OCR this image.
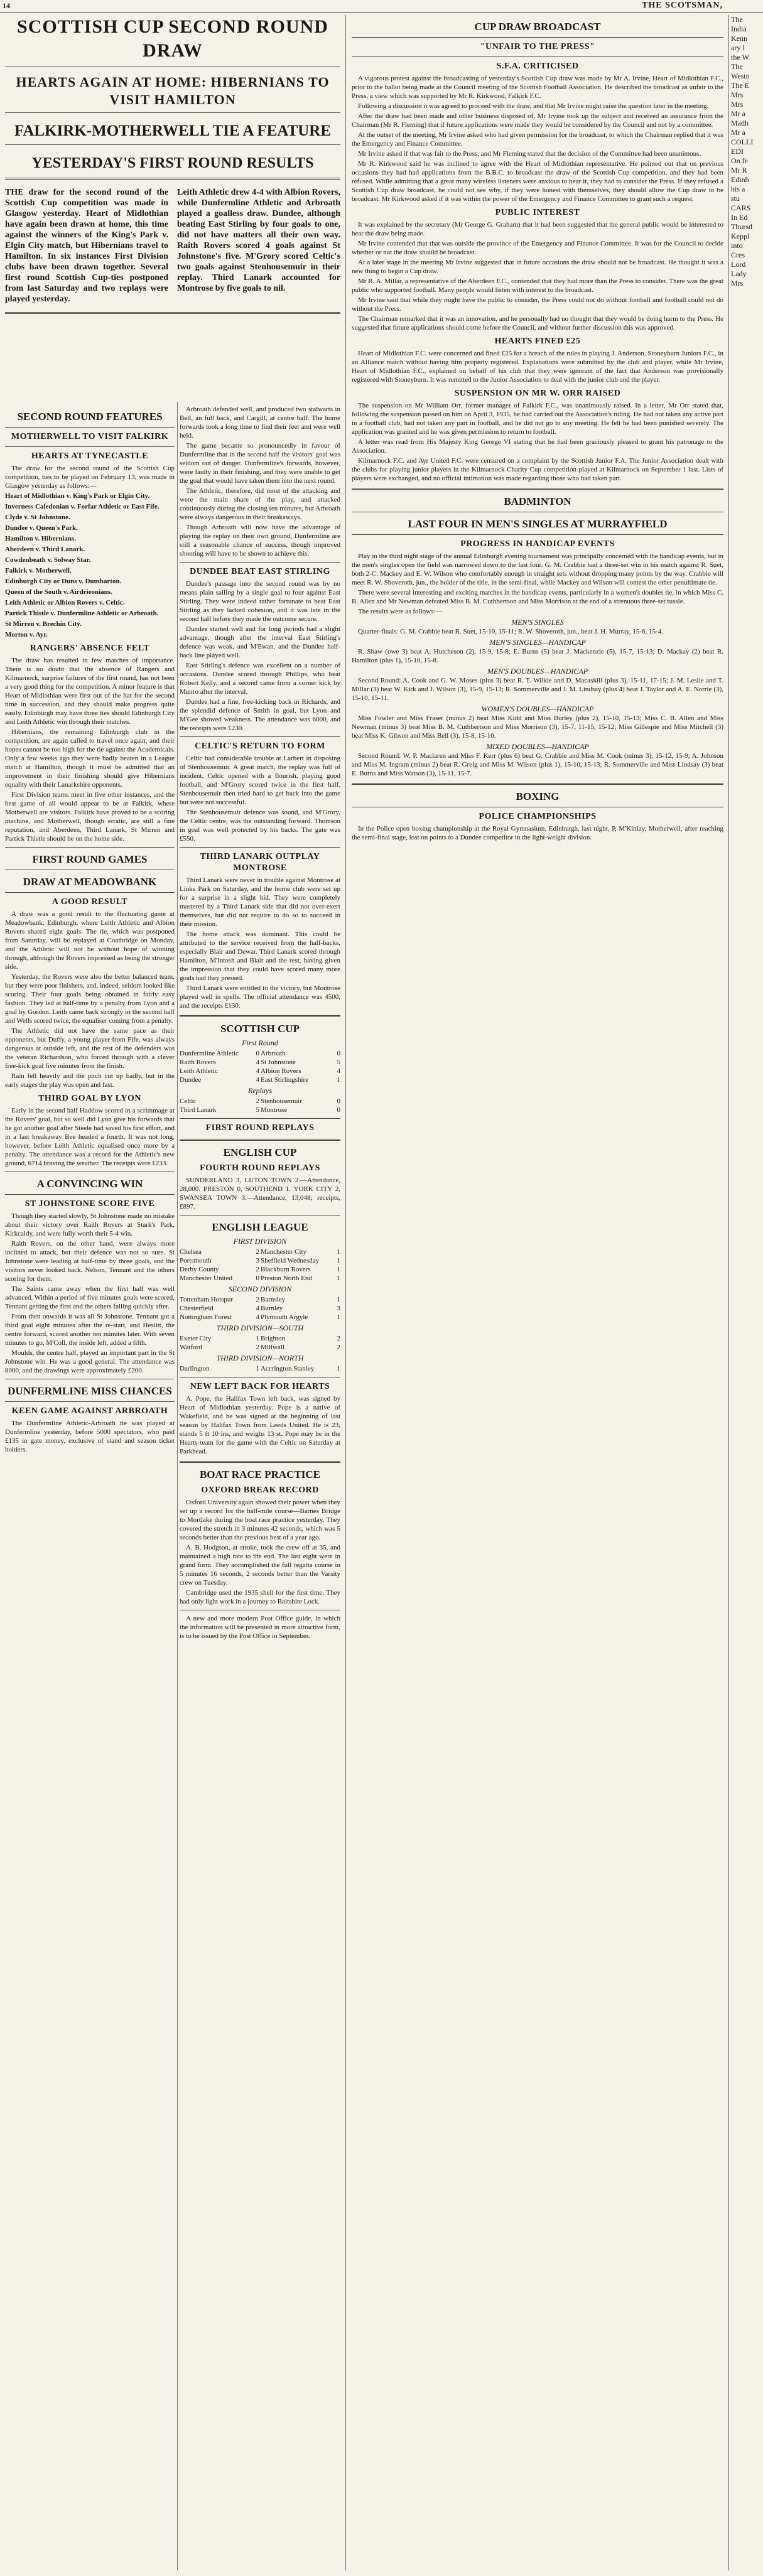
14	THE SCOTSMAN,
SCOTTISH CUP SECOND ROUND DRAW
HEARTS AGAIN AT HOME: HIBERNIANS TO VISIT HAMILTON
FALKIRK-MOTHERWELL TIE A FEATURE
YESTERDAY'S FIRST ROUND RESULTS

THE draw for the second round of the Scottish Cup competition was made in Glasgow yesterday. Heart of Midlothian have again been drawn at home, this time against the winners of the King's Park v. Elgin City match, but Hibernians travel to Hamilton. In six instances First Division clubs have been drawn together. Several first round Scottish Cup-ties postponed from last Saturday and two replays were played yesterday.

Leith Athletic drew 4-4 with Albion Rovers, while Dunfermline Athletic and Arbroath played a goalless draw. Dundee, although beating East Stirling by four goals to one, did not have matters all their own way. Raith Rovers scored 4 goals against St Johnstone's five. M'Grory scored Celtic's two goals against Stenhousemuir in their replay. Third Lanark accounted for Montrose by five goals to nil.

SECOND ROUND FEATURES
MOTHERWELL TO VISIT FALKIRK
HEARTS AT TYNECASTLE

The draw for the second round of the Scottish Cup competition, ties to be played on February 13, was made in Glasgow yesterday as follows:—

Heart of Midlothian v. King's Park or Elgin City.

Inverness Caledonian v. Forfar Athletic or East Fife.

Clyde v. St Johnstone.

Dundee v. Queen's Park.

Hamilton v. Hibernians.

Aberdeen v. Third Lanark.

Cowdenbeath v. Solway Star.

Falkirk v. Motherwell.

Edinburgh City or Duns v. Dumbarton.

Queen of the South v. Airdrieonians.

Leith Athletic or Albion Rovers v. Celtic.

Partick Thistle v. Dunfermline Athletic or Arbroath.

St Mirren v. Brechin City.

Morton v. Ayr.

RANGERS' ABSENCE FELT

The draw has resulted in few matches of importance. There is no doubt that the absence of Rangers and Kilmarnock, surprise failures of the first round, has not been a very good thing for the competition. A minor feature is that Heart of Midlothian were first out of the hat for the second time in succession, and they should make progress quite easily. Edinburgh may have three ties should Edinburgh City and Leith Athletic win through their matches.

Hibernians, the remaining Edinburgh club in the competition, are again called to travel once again, and their hopes cannot be too high for the tie against the Academicals. Only a few weeks ago they were badly beaten in a League match at Hamilton, though it must be admitted that an improvement in their finishing should give Hibernians equality with their Lanarkshire opponents.

First Division teams meet in five other instances, and the best game of all would appear to be at Falkirk, where Motherwell are visitors. Falkirk have proved to be a scoring machine, and Motherwell, though erratic, are still a fine reputation, and Aberdeen, Third Lanark, St Mirren and Partick Thistle should be on the home side.

FIRST ROUND GAMES
DRAW AT MEADOWBANK
A GOOD RESULT

A draw was a good result to the fluctuating game at Meadowbank, Edinburgh, where Leith Athletic and Albion Rovers shared eight goals. The tie, which was postponed from Saturday, will be replayed at Coatbridge on Monday, and the Athletic will not be without hope of winning through, although the Rovers impressed as being the stronger side.

Yesterday, the Rovers were also the better balanced team, but they were poor finishers, and, indeed, seldom looked like scoring. Their four goals being obtained in fairly easy fashion. They led at half-time by a penalty from Lyon and a goal by Gordon. Leith came back strongly in the second half and Wells scored twice, the equaliser coming from a penalty.

The Athletic did not have the same pace as their opponents, but Duffy, a young player from Fife, was always dangerous at outside left, and the rest of the defenders was the veteran Richardson, who forced through with a clever free-kick goal five minutes from the finish.

Rain fell heavily and the pitch cut up badly, but in the early stages the play was open and fast.

THIRD GOAL BY LYON

Early in the second half Haddow scored in a scrimmage at the Rovers' goal, but so well did Lyon give his forwards that he got another goal after Steele had saved his first effort, and in a fast breakaway Bee headed a fourth. It was not long, however, before Leith Athletic equalised once more by a penalty. The attendance was a record for the Athletic's new ground, 6714 braving the weather. The receipts were £233.

A CONVINCING WIN
ST JOHNSTONE SCORE FIVE

Though they started slowly, St Johnstone made no mistake about their victory over Raith Rovers at Stark's Park, Kirkcaldy, and were fully worth their 5-4 win.

Raith Rovers, on the other hand, were always more inclined to attack, but their defence was not so sure. St Johnstone were leading at half-time by three goals, and the visitors never looked back. Nelson, Tennant and the others scoring for them.

The Saints came away when the first half was well advanced. Within a period of five minutes goals were scored, Tennant getting the first and the others falling quickly after.

From then onwards it was all St Johnstone. Tennant got a third goal eight minutes after the re-start, and Heslitt, the centre forward, scored another ten minutes later. With seven minutes to go, M'Coll, the inside left, added a fifth.

Moulds, the centre half, played an important part in the St Johnstone win. He was a good general. The attendance was 8000, and the drawings were approximately £200.

DUNFERMLINE MISS CHANCES
KEEN GAME AGAINST ARBROATH

The Dunfermline Athletic-Arbroath tie was played at Dunfermline yesterday, before 5000 spectators, who paid £135 in gate money, exclusive of stand and season ticket holders.

Arbroath defended well, and produced two stalwarts in Bell, an full back, and Cargill, at centre half. The home forwards took a long time to find their feet and were well held.

The game became so pronouncedly in favour of Dunfermline that in the second half the visitors' goal was seldom out of danger. Dunfermline's forwards, however, were faulty in their finishing, and they were unable to get the goal that would have taken them into the next round.

The Athletic, therefore, did most of the attacking and were the main share of the play, and attacked continuously during the closing ten minutes, but Arbroath were always dangerous in their breakaways.

Though Arbroath will now have the advantage of playing the replay on their own ground, Dunfermline are still a reasonable chance of success, though improved shooting will have to be shown to achieve this.

DUNDEE BEAT EAST STIRLING

Dundee's passage into the second round was by no means plain sailing by a single goal to four against East Stirling. They were indeed rather fortunate to beat East Stirling as they lacked cohesion, and it was late in the second half before they made the outcome secure.

Dundee started well and for long periods had a slight advantage, though after the interval East Stirling's defence was weak, and M'Ewan, and the Dundee half-back line played well.

East Stirling's defence was excellent on a number of occasions. Dundee scored through Phillips, who beat Robert Kelly, and a second came from a corner kick by Munro after the interval.

Dundee had a fine, free-kicking back in Richards, and the splendid defence of Smith in goal, but Lyon and M'Gee showed weakness. The attendance was 6000, and the receipts were £230.

CELTIC'S RETURN TO FORM

Celtic had considerable trouble at Larbert in disposing of Stenhousemuir. A great match, the replay was full of incident. Celtic opened with a flourish, playing good football, and M'Grory scored twice in the first half. Stenhousemuir then tried hard to get back into the game but were not successful.

The Stenhousemuir defence was sound, and M'Grory, the Celtic centre, was the outstanding forward. Thomson in goal was well protected by his backs. The gate was £550.

THIRD LANARK OUTPLAY MONTROSE

Third Lanark were never in trouble against Montrose at Links Park on Saturday, and the home club were set up for a surprise in a slight bid. They were completely mastered by a Third Lanark side that did not over-exert themselves, but did not require to do so to succeed in their mission.

The home attack was dominant. This could be attributed to the service received from the half-backs, especially Blair and Dewar. Third Lanark scored through Hamilton, M'Intosh and Blair and the rest, having given the impression that they could have scored many more goals had they pressed.

Third Lanark were entitled to the victory, but Montrose played well in spells. The official attendance was 4500, and the receipts £130.

SCOTTISH CUP

First Round

Dunfermline Athletic	0 Arbroath	0
Raith Rovers	4 St Johnstone	5
Leith Athletic	4 Albion Rovers	4
Dundee	4 East Stirlingshire	1

Replays

Celtic	2 Stenhousemuir	0
Third Lanark	5 Montrose	0
FIRST ROUND REPLAYS
ENGLISH CUP
FOURTH ROUND REPLAYS

SUNDERLAND 3, LUTON TOWN 2.—Attendance, 28,000. PRESTON 0, SOUTHEND 1. YORK CITY 2, SWANSEA TOWN 3.—Attendance, 13,048; receipts, £897.

ENGLISH LEAGUE

FIRST DIVISION

Chelsea	2 Manchester City	1
Portsmouth	3 Sheffield Wednesday	1
Derby County	2 Blackburn Rovers	1
Manchester United	0 Preston North End	1

SECOND DIVISION

Tottenham Hotspur	2 Barnsley	1
Chesterfield	4 Burnley	3
Nottingham Forest	4 Plymouth Argyle	1

THIRD DIVISION—SOUTH

Exeter City	1 Brighton	2
Watford	2 Millwall	2

THIRD DIVISION—NORTH

Darlington	1 Accrington Stanley	1
NEW LEFT BACK FOR HEARTS

A. Pope, the Halifax Town left back, was signed by Heart of Midlothian yesterday. Pope is a native of Wakefield, and he was signed at the beginning of last season by Halifax Town from Leeds United. He is 23, stands 5 ft 10 ins, and weighs 13 st. Pope may be in the Hearts team for the game with the Celtic on Saturday at Parkhead.

BOAT RACE PRACTICE
OXFORD BREAK RECORD

Oxford University again showed their power when they set up a record for the half-mile course—Barnes Bridge to Mortlake during the boat race practice yesterday. They covered the stretch in 3 minutes 42 seconds, which was 5 seconds better than the previous best of a year ago.

A. B. Hodgson, at stroke, took the crew off at 35, and maintained a high rate to the end. The last eight were in grand form. They accomplished the full regatta course in 5 minutes 16 seconds, 2 seconds better than the Varsity crew on Tuesday.

Cambridge used the 1935 shell for the first time. They had only light work in a journey to Baitsbite Lock.

A new and more modern Post Office guide, in which the information will be presented in more attractive form, is to be issued by the Post Office in September.

CUP DRAW BROADCAST
"UNFAIR TO THE PRESS"
S.F.A. CRITICISED

A vigorous protest against the broadcasting of yesterday's Scottish Cup draw was made by Mr A. Irvine, Heart of Midlothian F.C., prior to the ballot being made at the Council meeting of the Scottish Football Association. He described the broadcast as unfair to the Press, a view which was supported by Mr R. Kirkwood, Falkirk F.C.

Following a discussion it was agreed to proceed with the draw, and that Mr Irvine might raise the question later in the meeting.

After the draw had been made and other business disposed of, Mr Irvine took up the subject and received an assurance from the Chairman (Mr R. Fleming) that if future applications were made they would be considered by the Council and not by a committee.

At the outset of the meeting, Mr Irvine asked who had given permission for the broadcast, to which the Chairman replied that it was the Emergency and Finance Committee.

Mr Irvine asked if that was fair to the Press, and Mr Fleming stated that the decision of the Committee had been unanimous.

Mr R. Kirkwood said he was inclined to agree with the Heart of Midlothian representative. He pointed out that on previous occasions they had had applications from the B.B.C. to broadcast the draw of the Scottish Cup competition, and they had been refused. While admitting that a great many wireless listeners were anxious to hear it, they had to consider the Press. If they refused a Scottish Cup draw broadcast, he could not see why, if they were honest with themselves, they should allow the Cup draw to be broadcast. Mr Kirkwood asked if it was within the power of the Emergency and Finance Committee to grant such a request.

PUBLIC INTEREST

It was explained by the secretary (Mr George G. Graham) that it had been suggested that the general public would be interested to hear the draw being made.

Mr Irvine contended that that was outside the province of the Emergency and Finance Committee. It was for the Council to decide whether or not the draw should be broadcast.

At a later stage in the meeting Mr Irvine suggested that in future occasions the draw should not be broadcast. He thought it was a new thing to begin a Cup draw.

Mr R. A. Millar, a representative of the Aberdeen F.C., contended that they had more than the Press to consider. There was the great public who supported football. Many people would listen with interest to the broadcast.

Mr Irvine said that while they might have the public to consider, the Press could not do without football and football could not do without the Press.

The Chairman remarked that it was an innovation, and he personally had no thought that they would be doing harm to the Press. He suggested that future applications should come before the Council, and without further discussion this was approved.

HEARTS FINED £25

Heart of Midlothian F.C. were concerned and fined £25 for a breach of the rules in playing J. Anderson, Stoneyburn Juniors F.C., in an Alliance match without having him properly registered. Explanations were submitted by the club and player, while Mr Irvine, Heart of Midlothian F.C., explained on behalf of his club that they were ignorant of the fact that Anderson was provisionally registered with Stoneyburn. It was remitted to the Junior Association to deal with the junior club and the player.

SUSPENSION ON MR W. ORR RAISED

The suspension on Mr William Orr, former manager of Falkirk F.C., was unanimously raised. In a letter, Mr Orr stated that, following the suspension passed on him on April 3, 1935, he had carried out the Association's ruling. He had not taken any active part in a football club, had not taken any part in football, and he did not go to any meeting. He felt he had been punished severely. The application was granted and he was given permission to return to football.

A letter was read from His Majesty King George VI stating that he had been graciously pleased to grant his patronage to the Association.

Kilmarnock F.C. and Ayr United F.C. were censured on a complaint by the Scottish Junior F.A. The Junior Association dealt with the clubs for playing junior players in the Kilmarnock Charity Cup competition played at Kilmarnock on September 1 last. Lists of players were exchanged, and no official intimation was made regarding those who had taken part.

BADMINTON
LAST FOUR IN MEN'S SINGLES AT MURRAYFIELD
PROGRESS IN HANDICAP EVENTS

Play in the third night stage of the annual Edinburgh evening tournament was principally concerned with the handicap events, but in the men's singles open the field was narrowed down to the last four. G. M. Crabbie had a three-set win in his match against R. Suet, both 2-C. Mackey and E. W. Wilson who comfortably enough in straight sets without dropping many points by the way. Crabbie will meet R. W. Shoveroth, jun., the holder of the title, in the semi-final, while Mackey and Wilson will contest the other penultimate tie.

There were several interesting and exciting matches in the handicap events, particularly in a women's doubles tie, in which Miss C. B. Allen and Mr Newman defeated Miss B. M. Cuthbertson and Miss Morrison at the end of a strenuous three-set tussle.

The results were as follows:—

MEN'S SINGLES

Quarter-finals: G. M. Crabbie beat R. Suet, 15-10, 15-11; R. W. Shoveroth, jun., beat J. H. Murray, 15-6, 15-4.

MEN'S SINGLES—HANDICAP

R. Shaw (owe 3) beat A. Hutcheson (2), 15-9, 15-8; E. Burns (5) beat J. Mackenzie (5), 15-7, 15-13; D. Mackay (2) beat R. Hamilton (plus 1), 15-10, 15-8.

MEN'S DOUBLES—HANDICAP

Second Round: A. Cook and G. W. Moses (plus 3) beat R. T. Wilkie and D. Macaskill (plus 3), 15-11, 17-15; J. M. Leslie and T. Millar (3) beat W. Kirk and J. Wilson (3), 15-9, 15-13; R. Sommerville and J. M. Lindsay (plus 4) beat J. Taylor and A. E. Norrie (3), 15-10, 15-11.

WOMEN'S DOUBLES—HANDICAP

Miss Fowler and Miss Fraser (minus 2) beat Miss Kidd and Miss Burley (plus 2), 15-10, 15-13; Miss C. B. Allen and Miss Newman (minus 3) beat Miss B. M. Cuthbertson and Miss Morrison (3), 15-7, 11-15, 15-12; Miss Gillespie and Miss Mitchell (3) beat Miss K. Gibson and Miss Bell (3), 15-8, 15-10.

MIXED DOUBLES—HANDICAP

Second Round: W. P. Maclaren and Miss F. Kerr (plus 6) beat G. Crabbie and Miss M. Cook (minus 3), 15-12, 15-9; A. Johnson and Miss M. Ingram (minus 2) beat R. Greig and Miss M. Wilson (plus 1), 15-10, 15-13; R. Sommerville and Miss Lindsay (3) beat E. Burns and Miss Watson (3), 15-11, 15-7.

BOXING
POLICE CHAMPIONSHIPS

In the Police open boxing championship at the Royal Gymnasium, Edinburgh, last night, P. M'Kinlay, Motherwell, after reaching the semi-final stage, lost on points to a Dundee competitor in the light-weight division.

The

India

Kenn

ary l

the W

The

Westn

The E

Mrs

Mrs

Mr a

Madh

Mr a

COLLI

EDI

On fe

Mr R

Edinb

his a

stu

CARS

In Ed

Thursd

Keppl

into

Cres

Lord

Lady

Mrs
